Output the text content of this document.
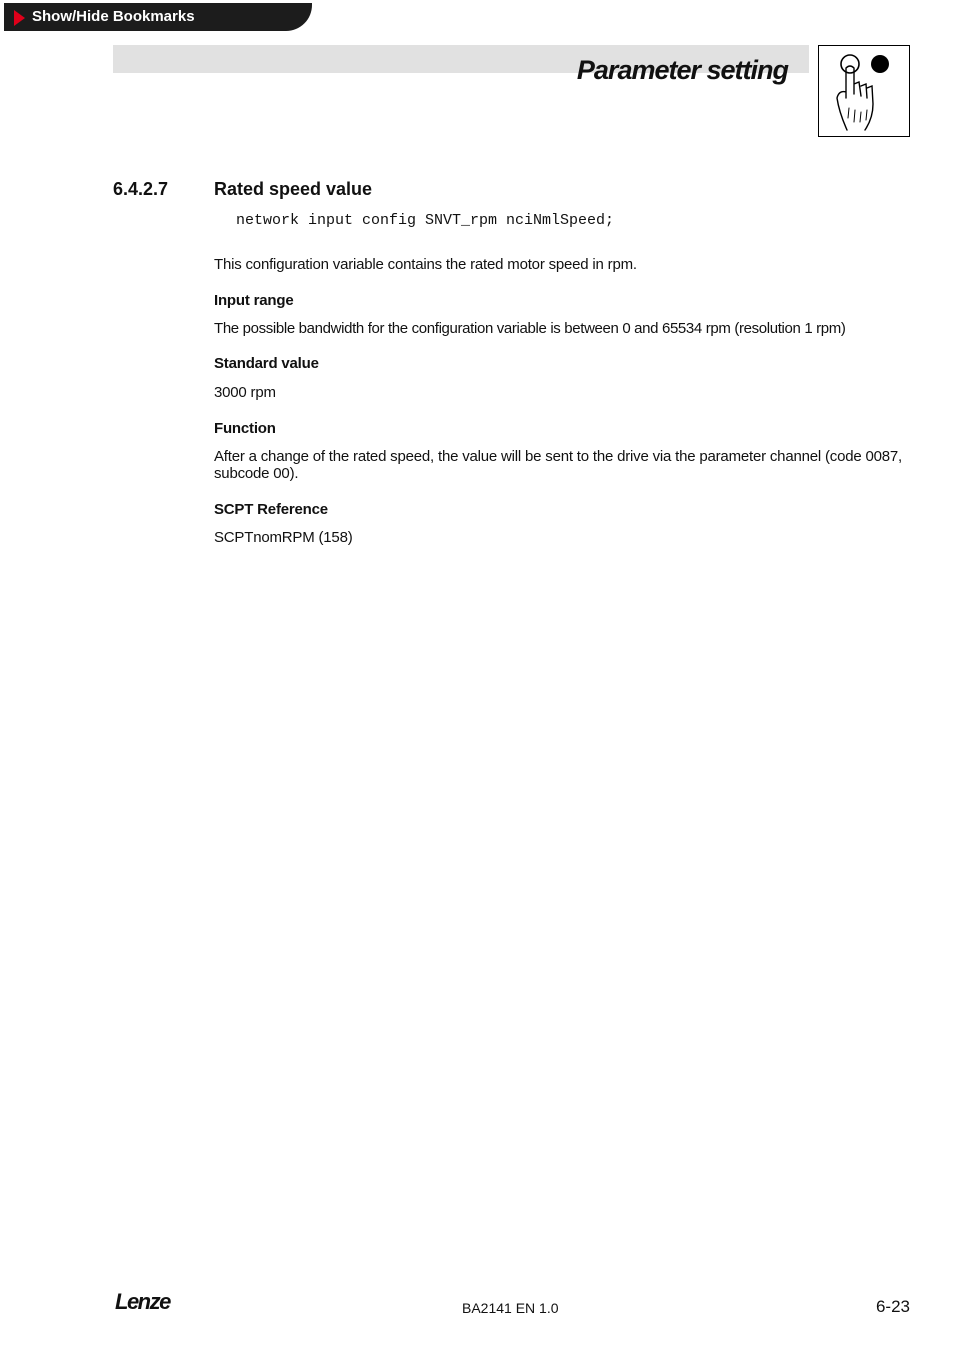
Show/Hide Bookmarks
Parameter setting
6.4.2.7	Rated speed value
network input config SNVT_rpm nciNmlSpeed;
This configuration variable contains the rated motor speed in rpm.
Input range
The possible bandwidth for the configuration variable is between 0 and 65534 rpm (resolution 1 rpm)
Standard value
3000 rpm
Function
After a change of the rated speed, the value will be sent to the drive via the parameter channel (code 0087, subcode 00).
SCPT Reference
SCPTnomRPM (158)
Lenze	BA2141 EN 1.0	6-23
